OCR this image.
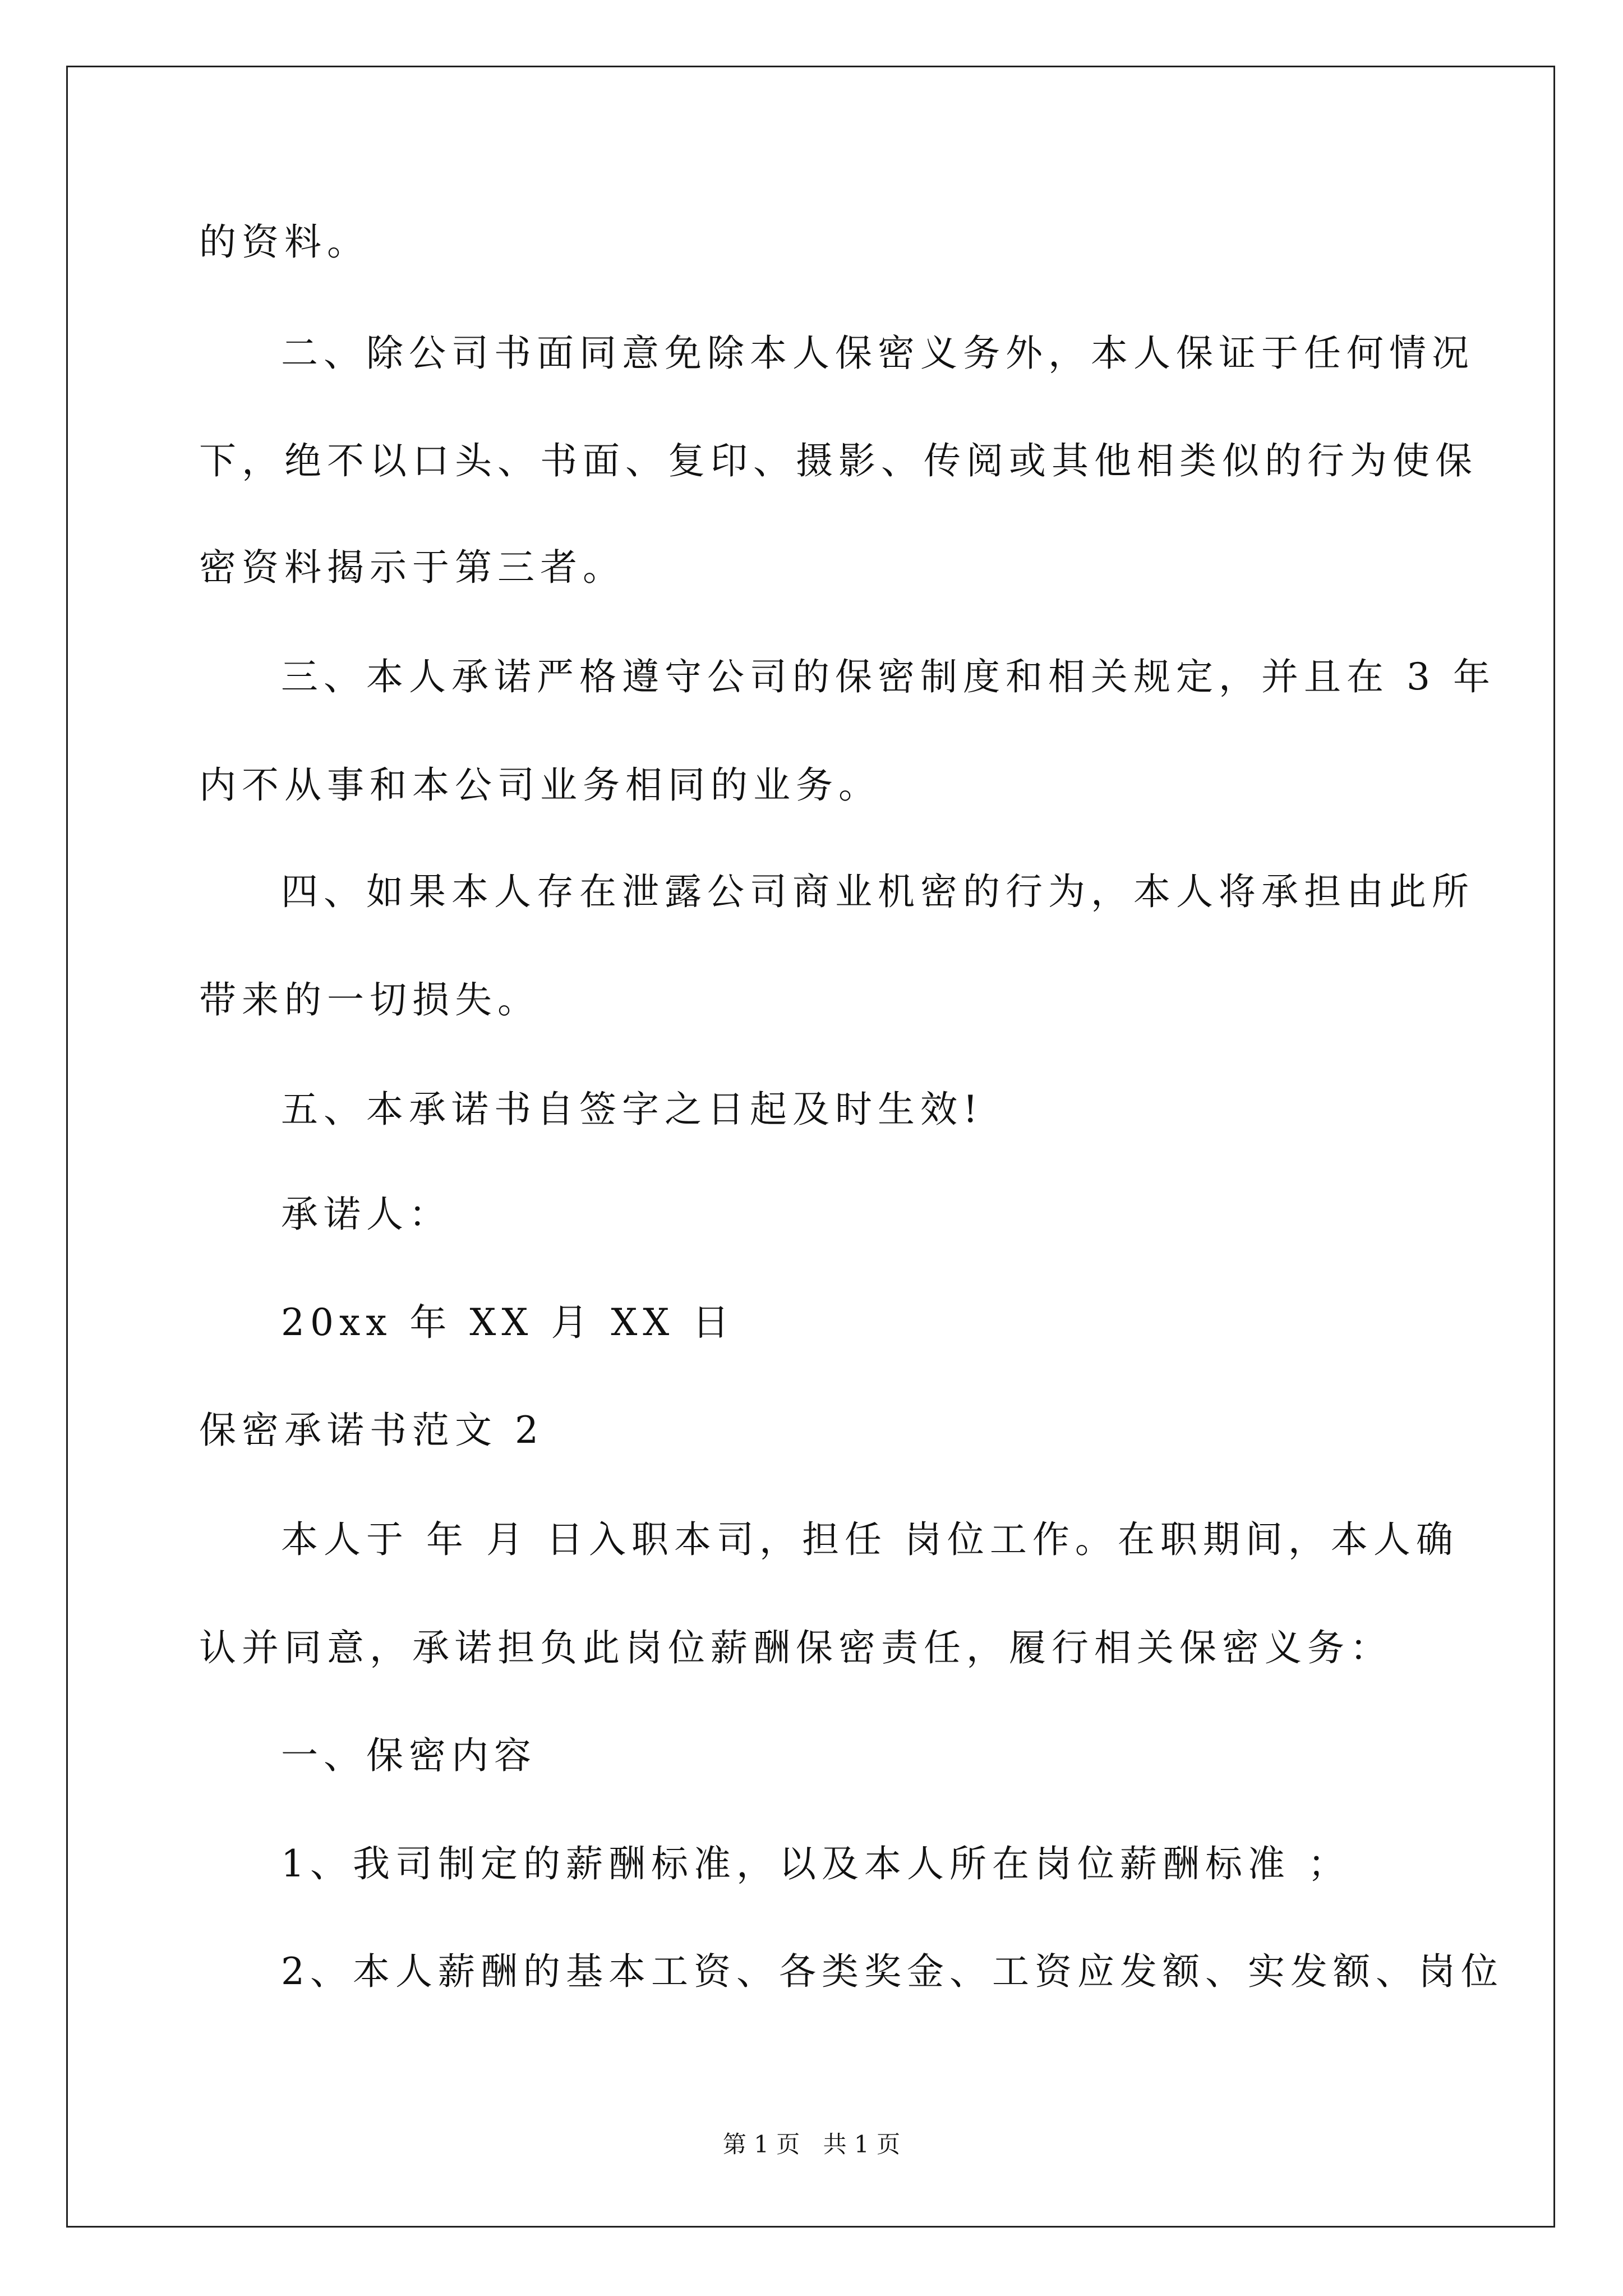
的资料。
二、除公司书面同意免除本人保密义务外，本人保证于任何情况
下，绝不以口头、书面、复印、摄影、传阅或其他相类似的行为使保
密资料揭示于第三者。
三、本人承诺严格遵守公司的保密制度和相关规定，并且在 3 年
内不从事和本公司业务相同的业务。
四、如果本人存在泄露公司商业机密的行为，本人将承担由此所
带来的一切损失。
五、本承诺书自签字之日起及时生效!
承诺人：
20xx 年 XX 月 XX 日
保密承诺书范文 2
本人于 年 月 日入职本司，担任 岗位工作。在职期间，本人确
认并同意，承诺担负此岗位薪酬保密责任，履行相关保密义务：
一、保密内容
1、我司制定的薪酬标准，以及本人所在岗位薪酬标准 ；
2、本人薪酬的基本工资、各类奖金、工资应发额、实发额、岗位
第 1 页 共 1 页
